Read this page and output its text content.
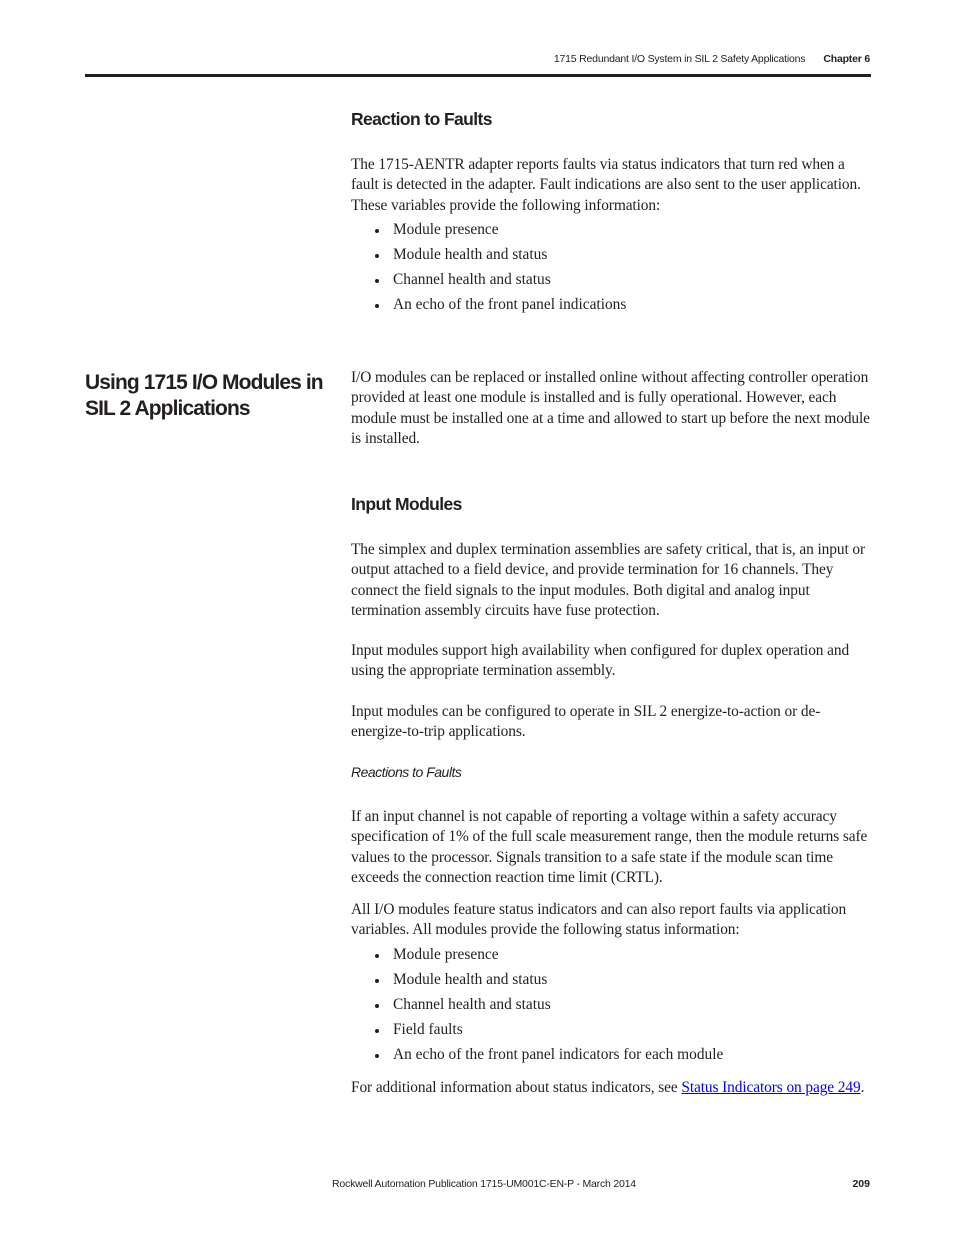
1715 Redundant I/O System in SIL 2 Safety Applications Chapter 6
Reaction to Faults

The 1715-AENTR adapter reports faults via status indicators that turn red when a fault is detected in the adapter. Fault indications are also sent to the user application. These variables provide the following information:

Module presence
Module health and status
Channel health and status
An echo of the front panel indications
Using 1715 I/O Modules in SIL 2 Applications

I/O modules can be replaced or installed online without affecting controller operation provided at least one module is installed and is fully operational. However, each module must be installed one at a time and allowed to start up before the next module is installed.

Input Modules

The simplex and duplex termination assemblies are safety critical, that is, an input or output attached to a field device, and provide termination for 16 channels. They connect the field signals to the input modules. Both digital and analog input termination assembly circuits have fuse protection.

Input modules support high availability when configured for duplex operation and using the appropriate termination assembly.

Input modules can be configured to operate in SIL 2 energize-to-action or de-energize-to-trip applications.

Reactions to Faults

If an input channel is not capable of reporting a voltage within a safety accuracy specification of 1% of the full scale measurement range, then the module returns safe values to the processor. Signals transition to a safe state if the module scan time exceeds the connection reaction time limit (CRTL).

All I/O modules feature status indicators and can also report faults via application variables. All modules provide the following status information:

Module presence
Module health and status
Channel health and status
Field faults
An echo of the front panel indicators for each module

For additional information about status indicators, see Status Indicators on page 249.

Rockwell Automation Publication 1715-UM001C-EN-P - March 2014	209
